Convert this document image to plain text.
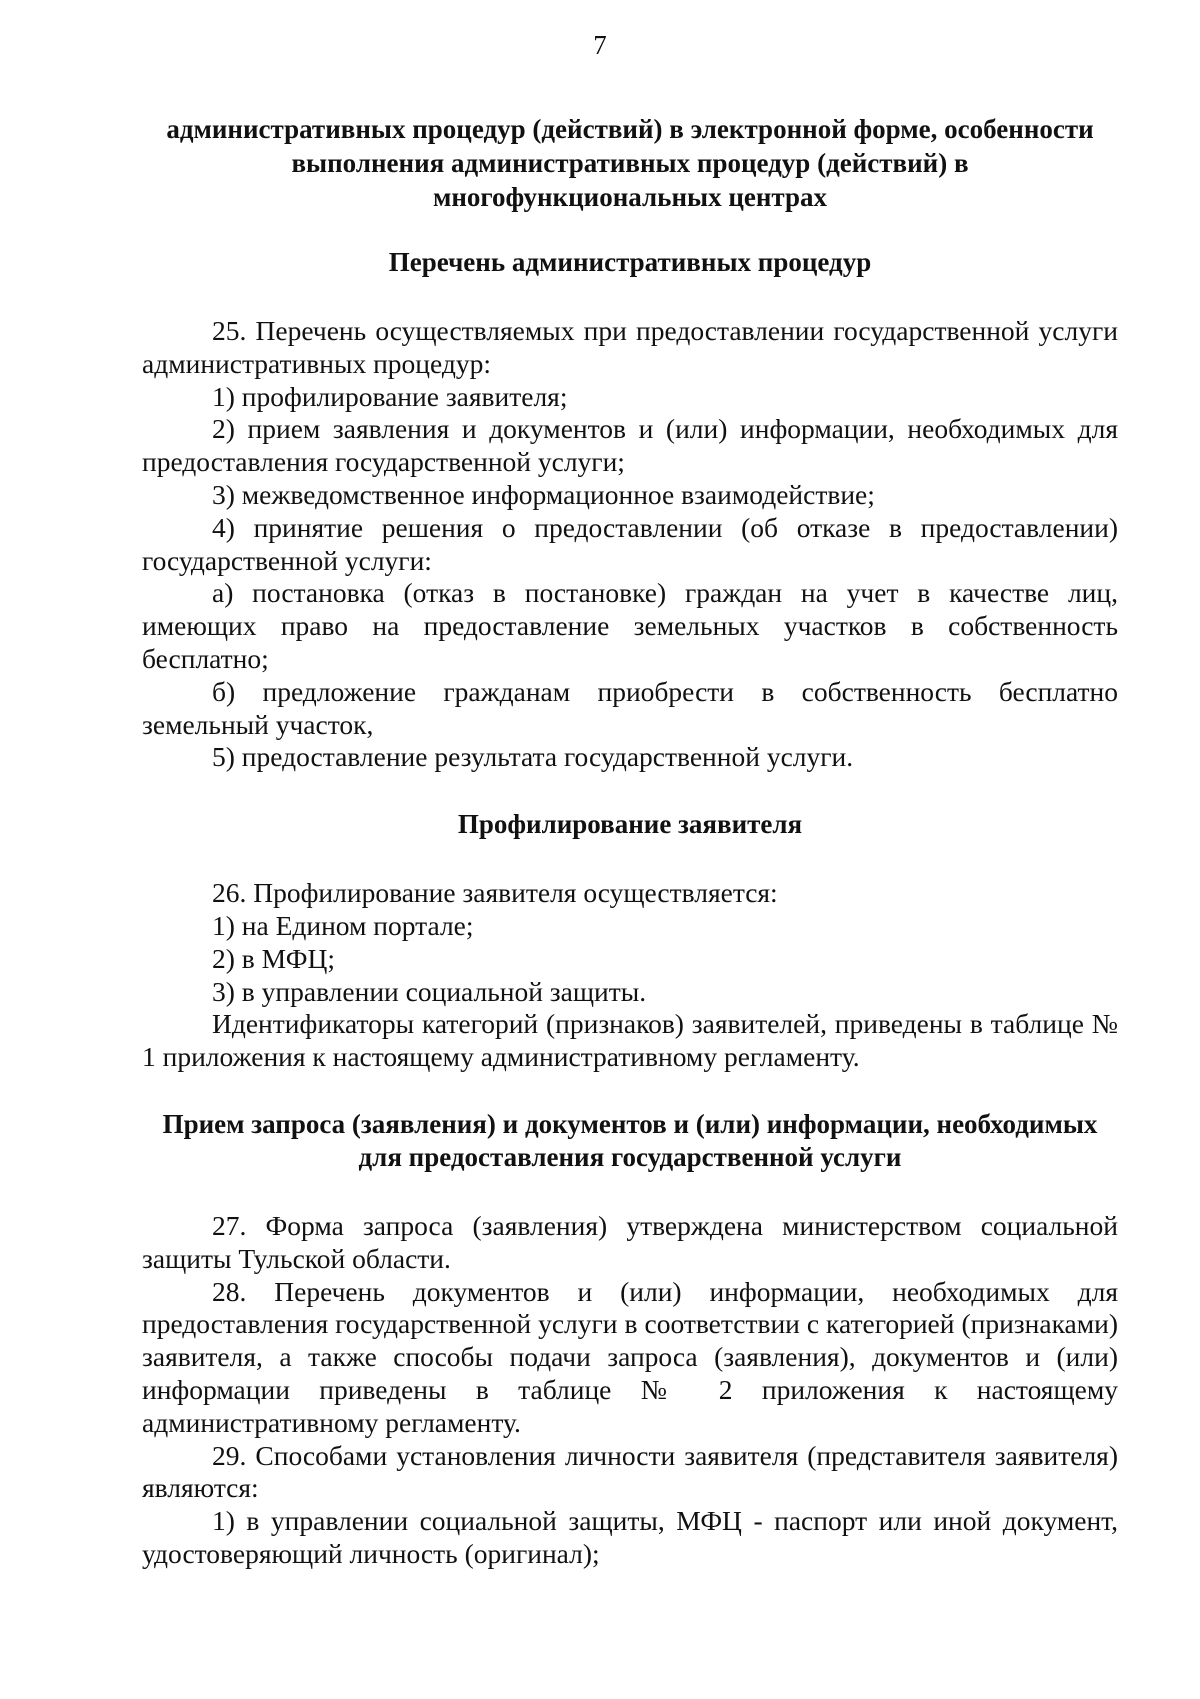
7
административных процедур (действий) в электронной форме, особенности
выполнения административных процедур (действий) в
многофункциональных центрах
Перечень административных процедур

25. Перечень осуществляемых при предоставлении государственной услуги административных процедур:

1) профилирование заявителя;

2) прием заявления и документов и (или) информации, необходимых для предоставления государственной услуги;

3) межведомственное информационное взаимодействие;

4) принятие решения о предоставлении (об отказе в предоставлении) государственной услуги:

а) постановка (отказ в постановке) граждан на учет в качестве лиц, имеющих право на предоставление земельных участков в собственность бесплатно;

б) предложение гражданам приобрести в собственность бесплатно земельный участок,

5) предоставление результата государственной услуги.

Профилирование заявителя

26. Профилирование заявителя осуществляется:

1) на Едином портале;

2) в МФЦ;

3) в управлении социальной защиты.

Идентификаторы категорий (признаков) заявителей, приведены в таблице № 1 приложения к настоящему административному регламенту.

Прием запроса (заявления) и документов и (или) информации, необходимых
для предоставления государственной услуги

27. Форма запроса (заявления) утверждена министерством социальной защиты Тульской области.

28. Перечень документов и (или) информации, необходимых для предоставления государственной услуги в соответствии с категорией (признаками) заявителя, а также способы подачи запроса (заявления), документов и (или) информации приведены в таблице № 2 приложения к настоящему административному регламенту.

29. Способами установления личности заявителя (представителя заявителя) являются:

1) в управлении социальной защиты, МФЦ - паспорт или иной документ, удостоверяющий личность (оригинал);
